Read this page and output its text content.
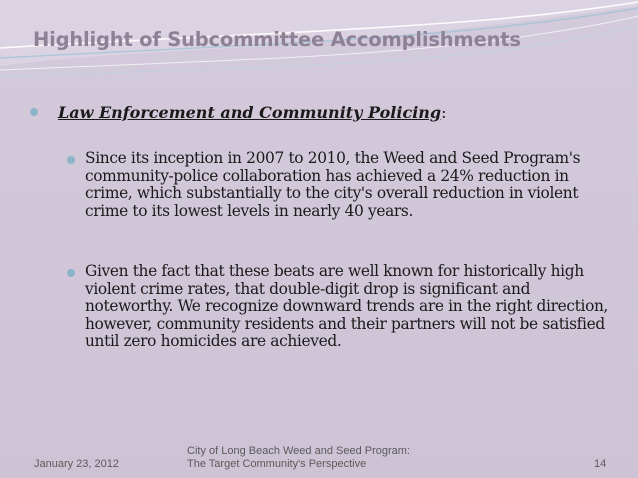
Highlight of Subcommittee Accomplishments
Law Enforcement and Community Policing:
Since its inception in 2007 to 2010, the Weed and Seed Program's community-police collaboration has achieved a 24% reduction in crime, which substantially to the city's overall reduction in violent crime to its lowest levels in nearly 40 years.
Given the fact that these beats are well known for historically high violent crime rates, that double-digit drop is significant and noteworthy. We recognize downward trends are in the right direction, however, community residents and their partners will not be satisfied until zero homicides are achieved.
January 23, 2012
City of Long Beach Weed and Seed Program:
The Target Community's Perspective	14
